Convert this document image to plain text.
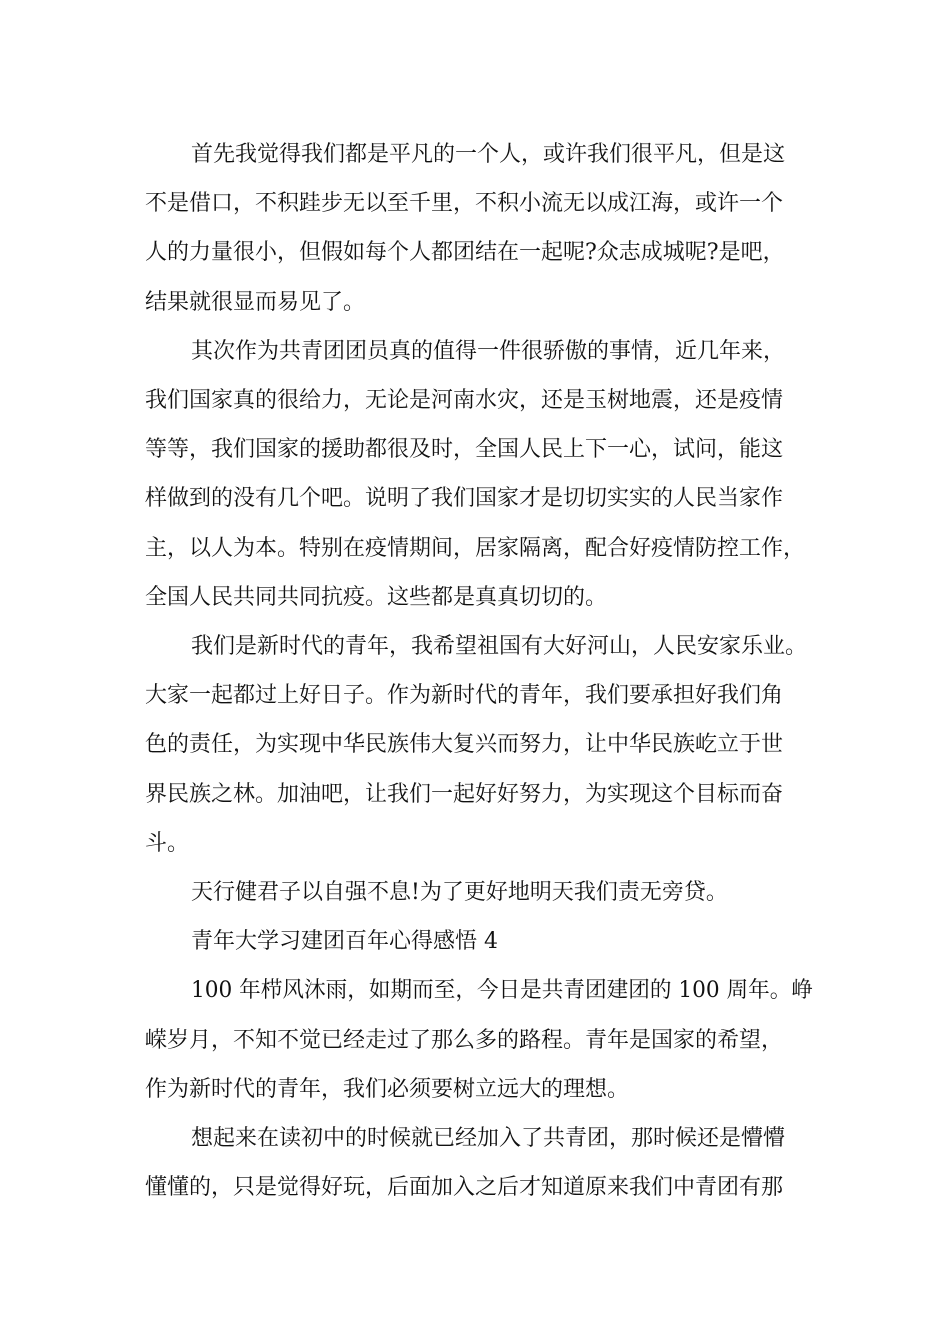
首先我觉得我们都是平凡的一个人，或许我们很平凡，但是这
不是借口，不积跬步无以至千里，不积小流无以成江海，或许一个
人的力量很小，但假如每个人都团结在一起呢?众志成城呢?是吧，
结果就很显而易见了。
其次作为共青团团员真的值得一件很骄傲的事情，近几年来，
我们国家真的很给力，无论是河南水灾，还是玉树地震，还是疫情
等等，我们国家的援助都很及时，全国人民上下一心，试问，能这
样做到的没有几个吧。说明了我们国家才是切切实实的人民当家作
主，以人为本。特别在疫情期间，居家隔离，配合好疫情防控工作，
全国人民共同共同抗疫。这些都是真真切切的。
我们是新时代的青年，我希望祖国有大好河山，人民安家乐业。
大家一起都过上好日子。作为新时代的青年，我们要承担好我们角
色的责任，为实现中华民族伟大复兴而努力，让中华民族屹立于世
界民族之林。加油吧，让我们一起好好努力，为实现这个目标而奋
斗。
天行健君子以自强不息!为了更好地明天我们责无旁贷。
青年大学习建团百年心得感悟 4
100 年栉风沐雨，如期而至，今日是共青团建团的 100 周年。峥
嵘岁月，不知不觉已经走过了那么多的路程。青年是国家的希望，
作为新时代的青年，我们必须要树立远大的理想。
想起来在读初中的时候就已经加入了共青团，那时候还是懵懵
懂懂的，只是觉得好玩，后面加入之后才知道原来我们中青团有那
